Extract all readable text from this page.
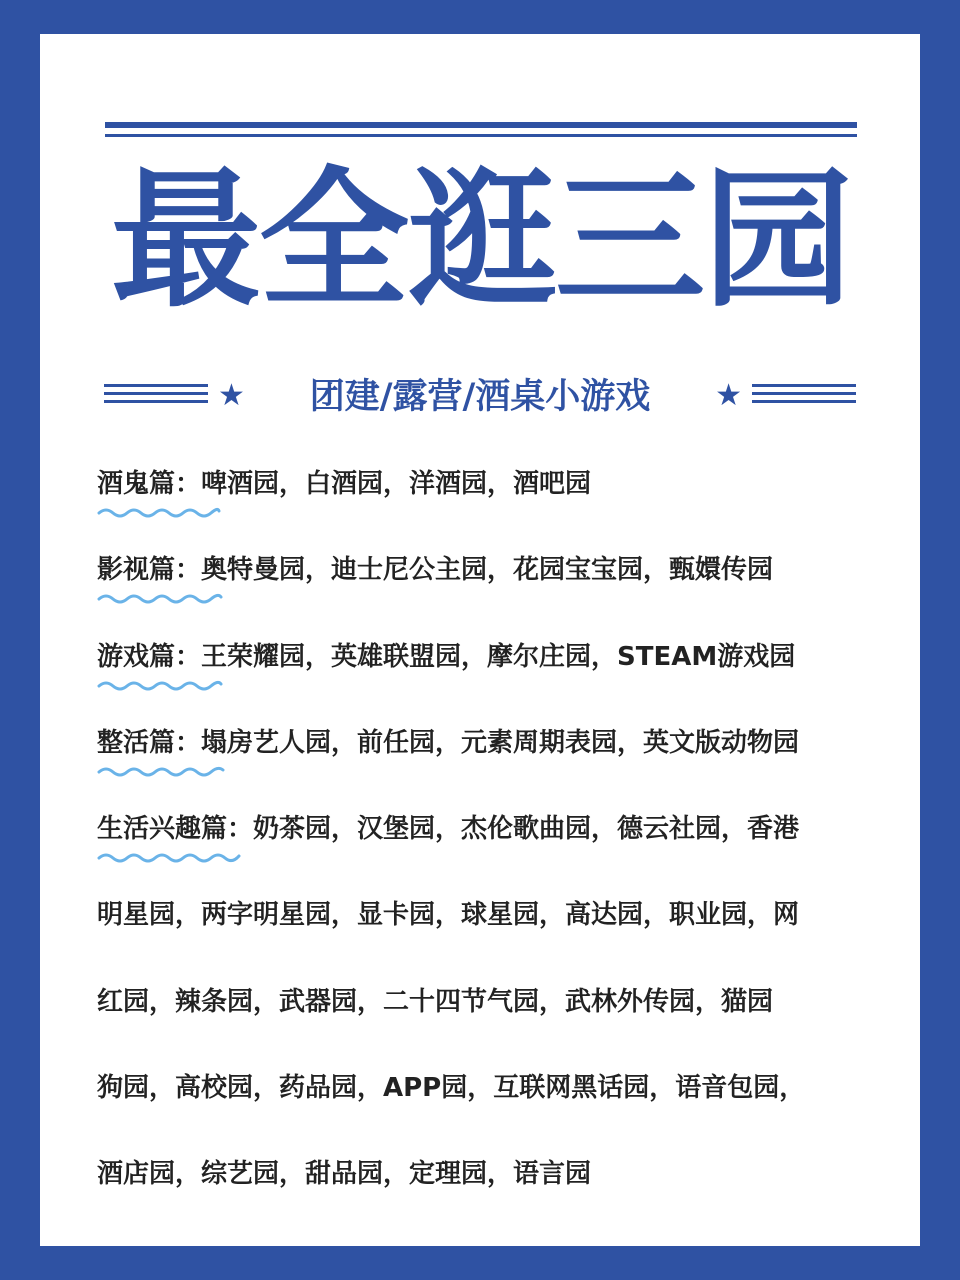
最全逛三园
★	团建/露营/酒桌小游戏	★
酒鬼篇：啤酒园，白酒园，洋酒园，酒吧园
影视篇：奥特曼园，迪士尼公主园，花园宝宝园，甄嬛传园
游戏篇：王荣耀园，英雄联盟园，摩尔庄园，STEAM游戏园
整活篇：塌房艺人园，前任园，元素周期表园，英文版动物园
生活兴趣篇：奶茶园，汉堡园，杰伦歌曲园，德云社园，香港
明星园，两字明星园，显卡园，球星园，高达园，职业园，网
红园，辣条园，武器园，二十四节气园，武林外传园，猫园
狗园，高校园，药品园，APP园，互联网黑话园，语音包园，
酒店园，综艺园，甜品园，定理园，语言园
